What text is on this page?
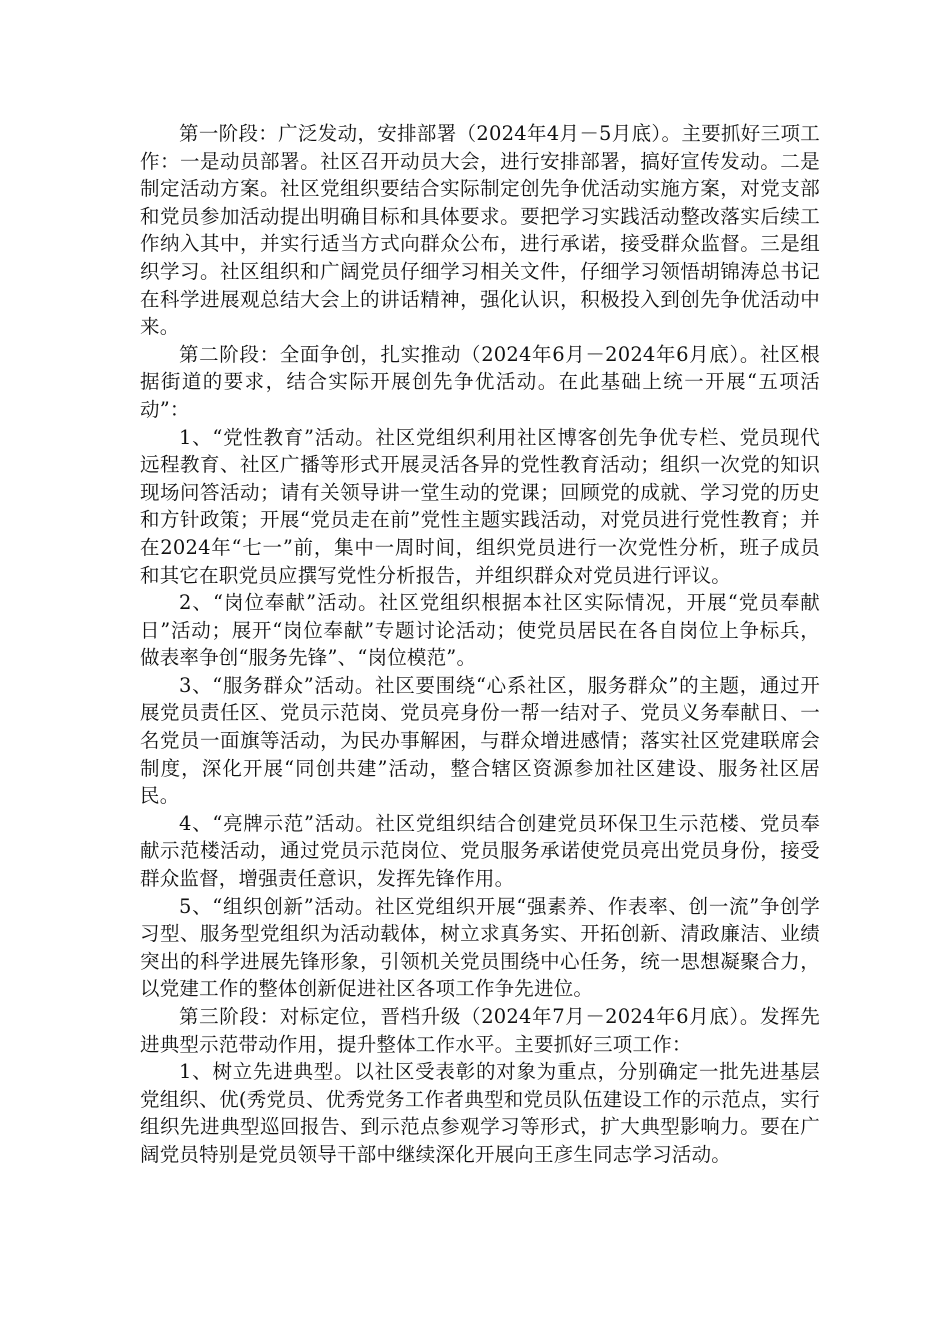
第一阶段：广泛发动，安排部署（2024年4月－5月底）。主要抓好三项工作：一是动员部署。社区召开动员大会，进行安排部署，搞好宣传发动。二是制定活动方案。社区党组织要结合实际制定创先争优活动实施方案，对党支部和党员参加活动提出明确目标和具体要求。要把学习实践活动整改落实后续工作纳入其中，并实行适当方式向群众公布，进行承诺，接受群众监督。三是组织学习。社区组织和广阔党员仔细学习相关文件，仔细学习领悟胡锦涛总书记在科学进展观总结大会上的讲话精神，强化认识，积极投入到创先争优活动中来。

第二阶段：全面争创，扎实推动（2024年6月－2024年6月底）。社区根据街道的要求，结合实际开展创先争优活动。在此基础上统一开展“五项活动”：

1、“党性教育”活动。社区党组织利用社区博客创先争优专栏、党员现代远程教育、社区广播等形式开展灵活各异的党性教育活动；组织一次党的知识现场问答活动；请有关领导讲一堂生动的党课；回顾党的成就、学习党的历史和方针政策；开展“党员走在前”党性主题实践活动，对党员进行党性教育；并在2024年“七一”前，集中一周时间，组织党员进行一次党性分析，班子成员和其它在职党员应撰写党性分析报告，并组织群众对党员进行评议。

2、“岗位奉献”活动。社区党组织根据本社区实际情况，开展“党员奉献日”活动；展开“岗位奉献”专题讨论活动；使党员居民在各自岗位上争标兵，做表率争创“服务先锋”、“岗位模范”。

3、“服务群众”活动。社区要围绕“心系社区，服务群众”的主题，通过开展党员责任区、党员示范岗、党员亮身份一帮一结对子、党员义务奉献日、一名党员一面旗等活动，为民办事解困，与群众增进感情；落实社区党建联席会制度，深化开展“同创共建”活动，整合辖区资源参加社区建设、服务社区居民。

4、“亮牌示范”活动。社区党组织结合创建党员环保卫生示范楼、党员奉献示范楼活动，通过党员示范岗位、党员服务承诺使党员亮出党员身份，接受群众监督，增强责任意识，发挥先锋作用。

5、“组织创新”活动。社区党组织开展“强素养、作表率、创一流”争创学习型、服务型党组织为活动载体，树立求真务实、开拓创新、清政廉洁、业绩突出的科学进展先锋形象，引领机关党员围绕中心任务，统一思想凝聚合力，以党建工作的整体创新促进社区各项工作争先进位。

第三阶段：对标定位，晋档升级（2024年7月－2024年6月底）。发挥先进典型示范带动作用，提升整体工作水平。主要抓好三项工作：

1、树立先进典型。以社区受表彰的对象为重点，分别确定一批先进基层党组织、优(秀党员、优秀党务工作者典型和党员队伍建设工作的示范点，实行组织先进典型巡回报告、到示范点参观学习等形式，扩大典型影响力。要在广阔党员特别是党员领导干部中继续深化开展向王彦生同志学习活动。
